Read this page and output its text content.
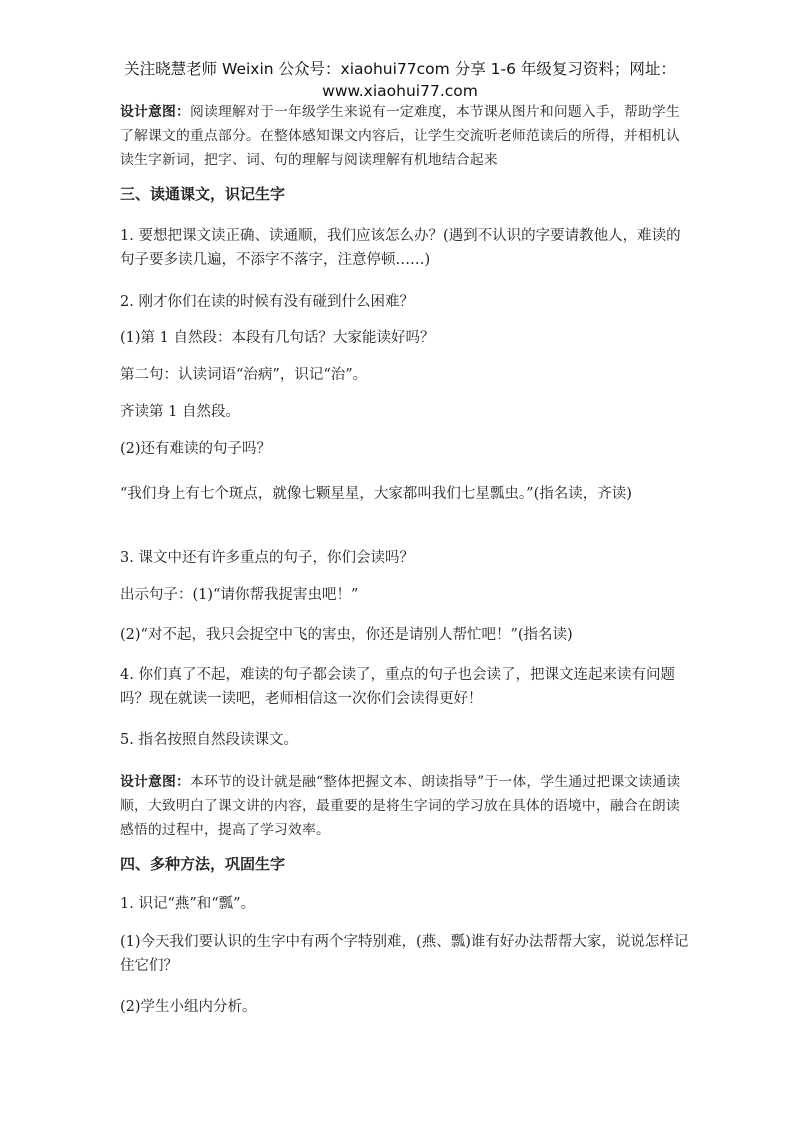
关注晓慧老师 Weixin 公众号：xiaohui77com 分享 1-6 年级复习资料；网址：
www.xiaohui77.com

设计意图：阅读理解对于一年级学生来说有一定难度，本节课从图片和问题入手，帮助学生了解课文的重点部分。在整体感知课文内容后，让学生交流听老师范读后的所得，并相机认读生字新词，把字、词、句的理解与阅读理解有机地结合起来

三、读通课文，识记生字

1. 要想把课文读正确、读通顺，我们应该怎么办？(遇到不认识的字要请教他人，难读的句子要多读几遍，不添字不落字，注意停顿……)

2. 刚才你们在读的时候有没有碰到什么困难？

(1)第 1 自然段：本段有几句话？大家能读好吗？

第二句：认读词语“治病”，识记“治”。

齐读第 1 自然段。

(2)还有难读的句子吗？

“我们身上有七个斑点，就像七颗星星，大家都叫我们七星瓢虫。”(指名读，齐读)

3. 课文中还有许多重点的句子，你们会读吗？

出示句子：(1)“请你帮我捉害虫吧！”

(2)“对不起，我只会捉空中飞的害虫，你还是请别人帮忙吧！”(指名读)

4. 你们真了不起，难读的句子都会读了，重点的句子也会读了，把课文连起来读有问题吗？现在就读一读吧，老师相信这一次你们会读得更好！

5. 指名按照自然段读课文。

设计意图：本环节的设计就是融“整体把握文本、朗读指导”于一体，学生通过把课文读通读顺，大致明白了课文讲的内容，最重要的是将生字词的学习放在具体的语境中，融合在朗读感悟的过程中，提高了学习效率。

四、多种方法，巩固生字

1. 识记“燕”和“瓢”。

(1)今天我们要认识的生字中有两个字特别难，(燕、瓢)谁有好办法帮帮大家，说说怎样记住它们？

(2)学生小组内分析。
